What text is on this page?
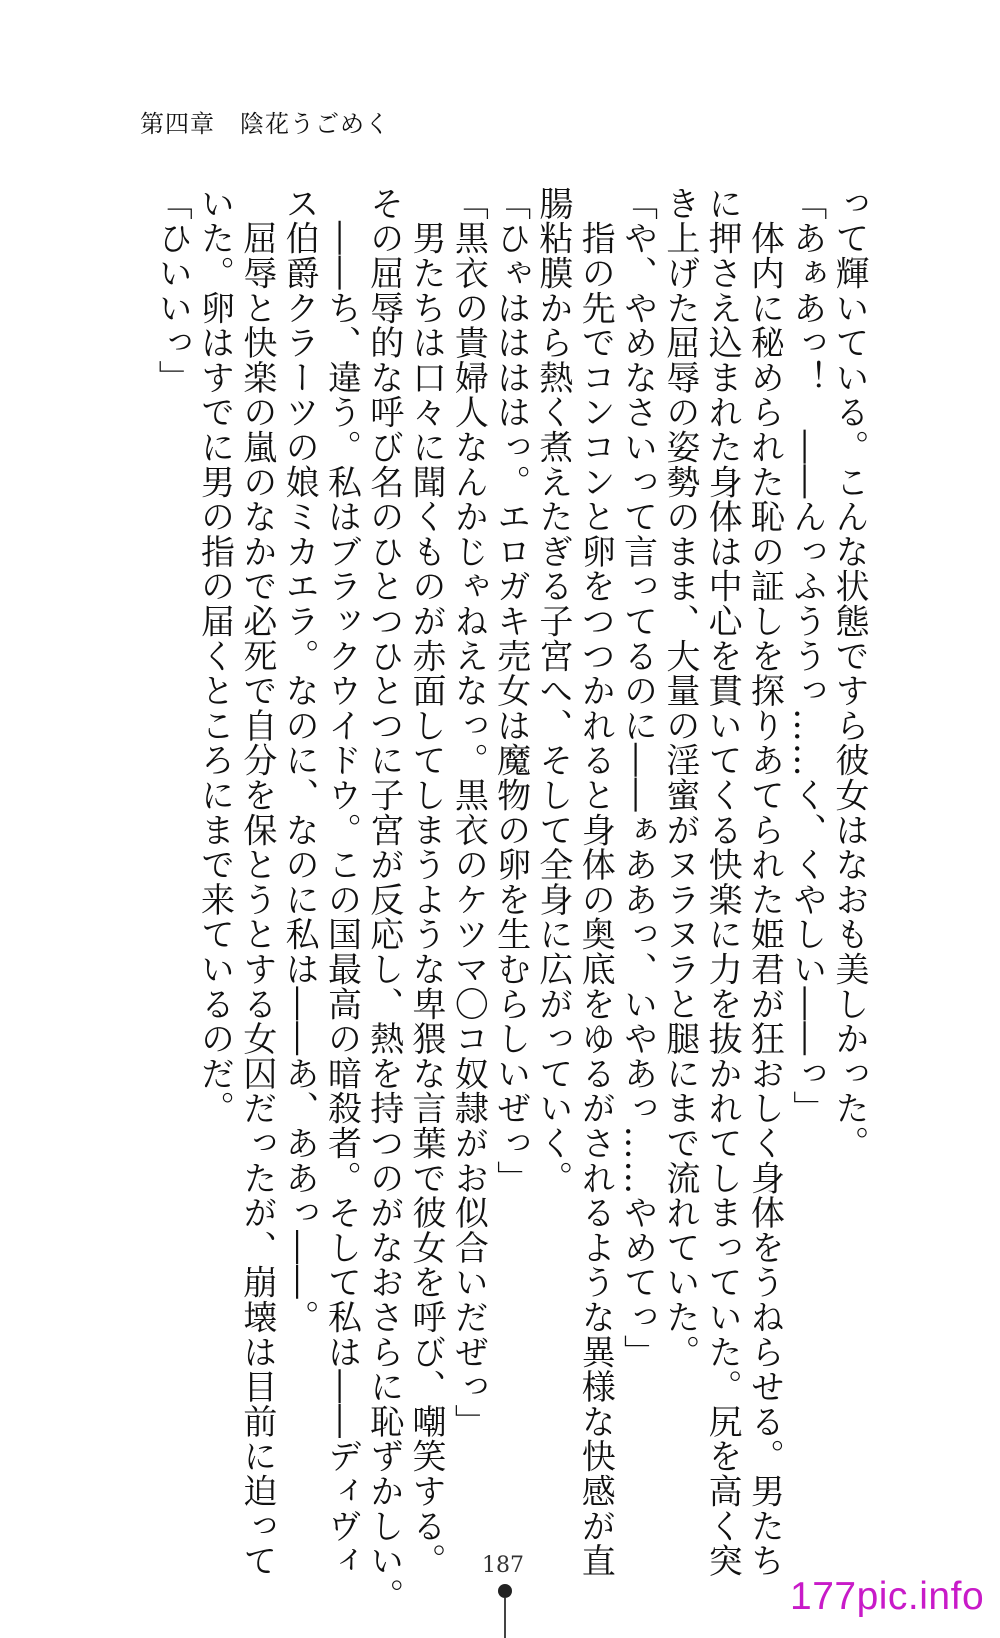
第四章　陰花うごめく

って輝いている。こんな状態ですら彼女はなおも美しかった。

「あぁあっ！　――んっふううっ……く、くやしい――っ」

　体内に秘められた恥の証しを探りあてられた姫君が狂おしく身体をうねらせる。男たち

に押さえ込まれた身体は中心を貫いてくる快楽に力を抜かれてしまっていた。尻を高く突

き上げた屈辱の姿勢のまま、大量の淫蜜がヌラヌラと腿にまで流れていた。

「や、やめなさいって言ってるのに――ぁああっ、いやあっ……やめてっ」

　指の先でコンコンと卵をつつかれると身体の奥底をゆるがされるような異様な快感が直

腸粘膜から熱く煮えたぎる子宮へ、そして全身に広がっていく。

「ひゃははははっ。エロガキ売女は魔物の卵を生むらしいぜっ」

「黒衣の貴婦人なんかじゃねえなっ。黒衣のケツマ〇コ奴隷がお似合いだぜっ」

　男たちは口々に聞くものが赤面してしまうような卑猥な言葉で彼女を呼び、嘲笑する。

その屈辱的な呼び名のひとつひとつに子宮が反応し、熱を持つのがなおさらに恥ずかしい。

　――ち、違う。私はブラックウイドウ。この国最高の暗殺者。そして私は――ディヴィ

ス伯爵クラーツの娘ミカエラ。なのに、なのに私は――あ、ああっ――。

　屈辱と快楽の嵐のなかで必死で自分を保とうとする女囚だったが、崩壊は目前に迫って

いた。卵はすでに男の指の届くところにまで来ているのだ。

「ひいいっ」

187
177pic.info
